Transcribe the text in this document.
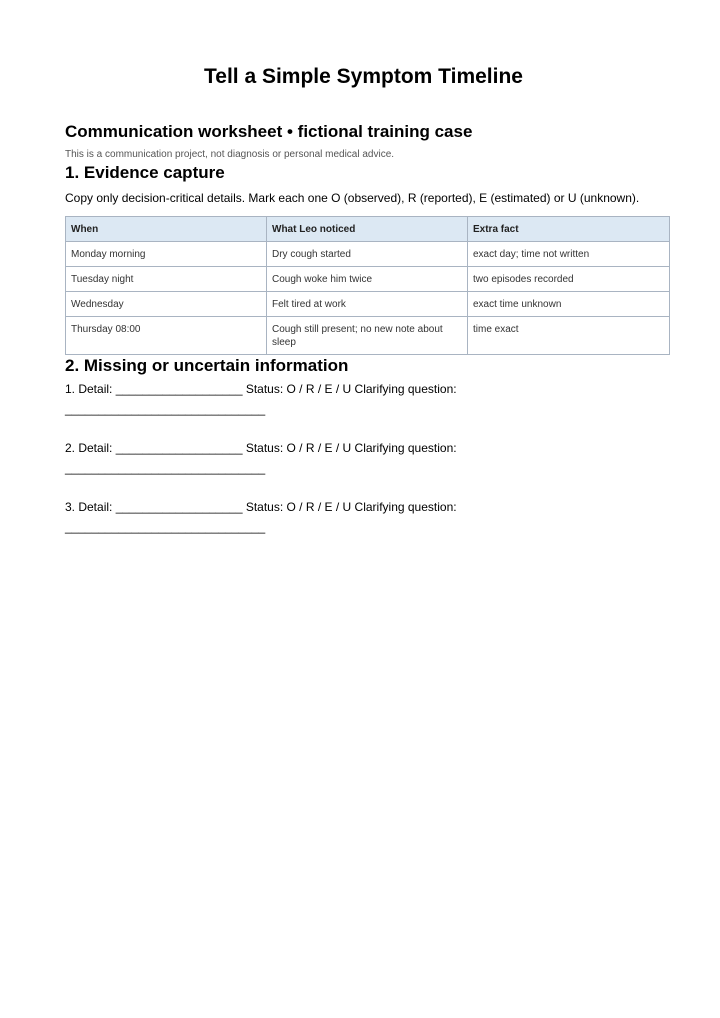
Tell a Simple Symptom Timeline
Communication worksheet • fictional training case

This is a communication project, not diagnosis or personal medical advice.

1. Evidence capture

Copy only decision-critical details. Mark each one O (observed), R (reported), E (estimated) or U (unknown).

When	What Leo noticed	Extra fact
Monday morning	Dry cough started	exact day; time not written
Tuesday night	Cough woke him twice	two episodes recorded
Wednesday	Felt tired at work	exact time unknown
Thursday 08:00	Cough still present; no new note about sleep	time exact
2. Missing or uncertain information

1. Detail: ___________________ Status: O / R / E / U Clarifying question:
______________________________

2. Detail: ___________________ Status: O / R / E / U Clarifying question:
______________________________

3. Detail: ___________________ Status: O / R / E / U Clarifying question:
______________________________
